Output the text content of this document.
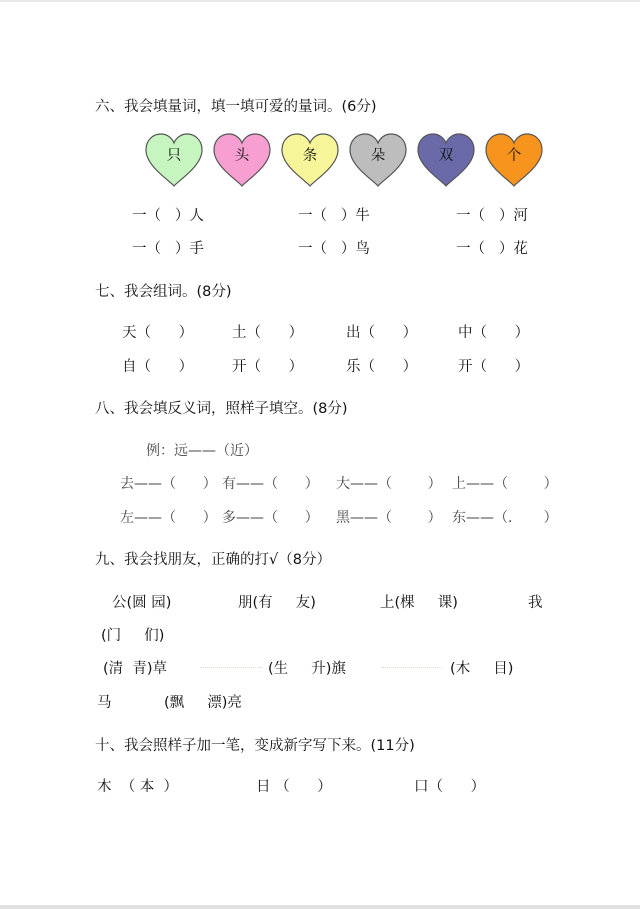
六、我会填量词，填一填可爱的量词。(6分)
只	头	条	朵	双	个
一（   ）人	一（   ）牛	一（   ）河
一（   ）手	一（   ）鸟	一（   ）花
七、我会组词。(8分)
天（      ）	土（      ）	出（      ）	中（      ）
自（      ）	开（      ）	乐（      ）	开（      ）
八、我会填反义词，照样子填空。(8分)
例：远——（近）
去——（      ） 有——（      ） 大——（        ） 上——（        ）
左——（      ） 多——（      ） 黑——（        ） 东——（.       ）
九、我会找朋友，正确的打√（8分）
公(圆 园)	朋(有     友)	上(棵     课)	我
(门     们)
(清  青)草	(生     升)旗	(木     目)
马	(飘     漂)亮
十、我会照样子加一笔，变成新字写下来。(11分)
木  （ 本  ）	日 （      ）	口（      ）
